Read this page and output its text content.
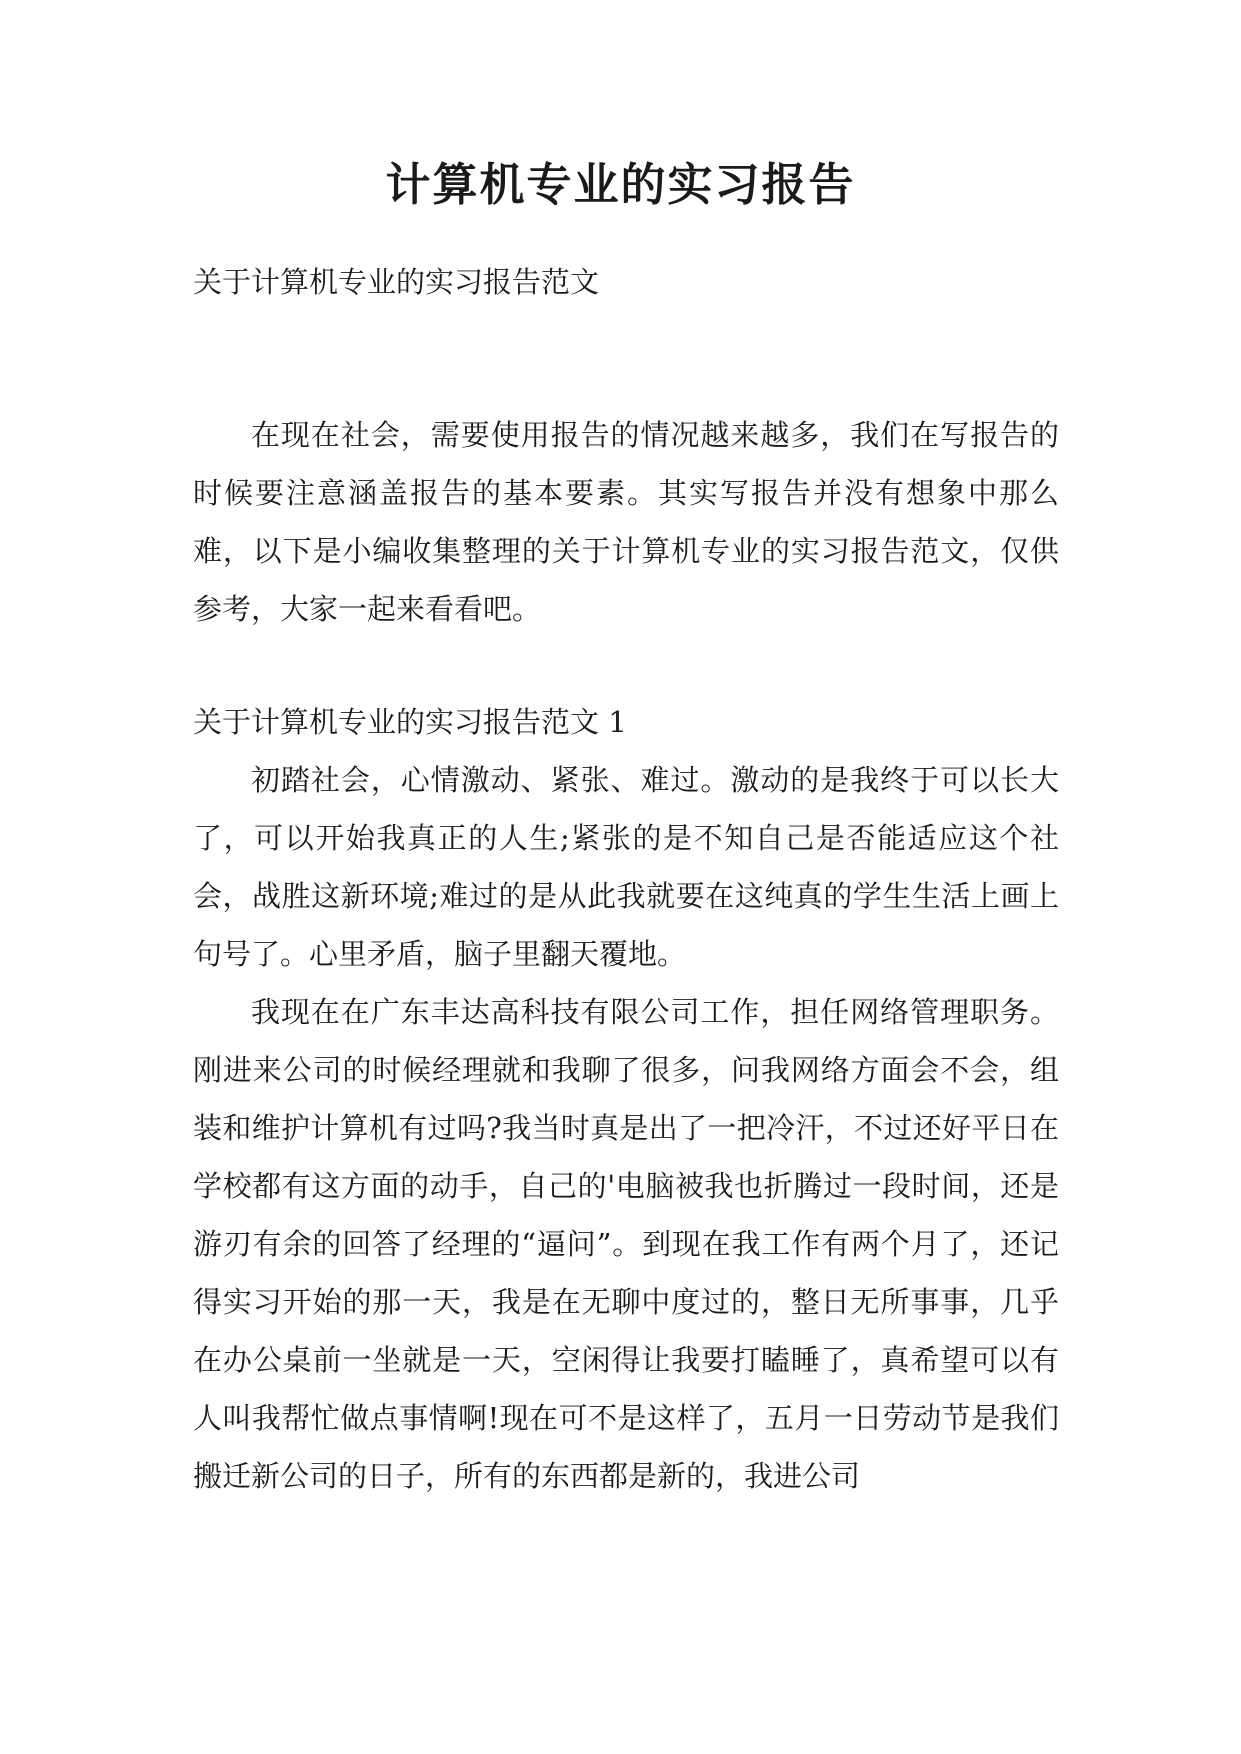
计算机专业的实习报告

关于计算机专业的实习报告范文

在现在社会，需要使用报告的情况越来越多，我们在写报告的时候要注意涵盖报告的基本要素。其实写报告并没有想象中那么难，以下是小编收集整理的关于计算机专业的实习报告范文，仅供参考，大家一起来看看吧。

关于计算机专业的实习报告范文 1

初踏社会，心情激动、紧张、难过。激动的是我终于可以长大了，可以开始我真正的人生;紧张的是不知自己是否能适应这个社会，战胜这新环境;难过的是从此我就要在这纯真的学生生活上画上句号了。心里矛盾，脑子里翻天覆地。

我现在在广东丰达高科技有限公司工作，担任网络管理职务。刚进来公司的时候经理就和我聊了很多，问我网络方面会不会，组装和维护计算机有过吗?我当时真是出了一把冷汗，不过还好平日在学校都有这方面的动手，自己的'电脑被我也折腾过一段时间，还是游刃有余的回答了经理的“逼问”。到现在我工作有两个月了，还记得实习开始的那一天，我是在无聊中度过的，整日无所事事，几乎在办公桌前一坐就是一天，空闲得让我要打瞌睡了，真希望可以有人叫我帮忙做点事情啊!现在可不是这样了，五月一日劳动节是我们搬迁新公司的日子，所有的东西都是新的，我进公司
